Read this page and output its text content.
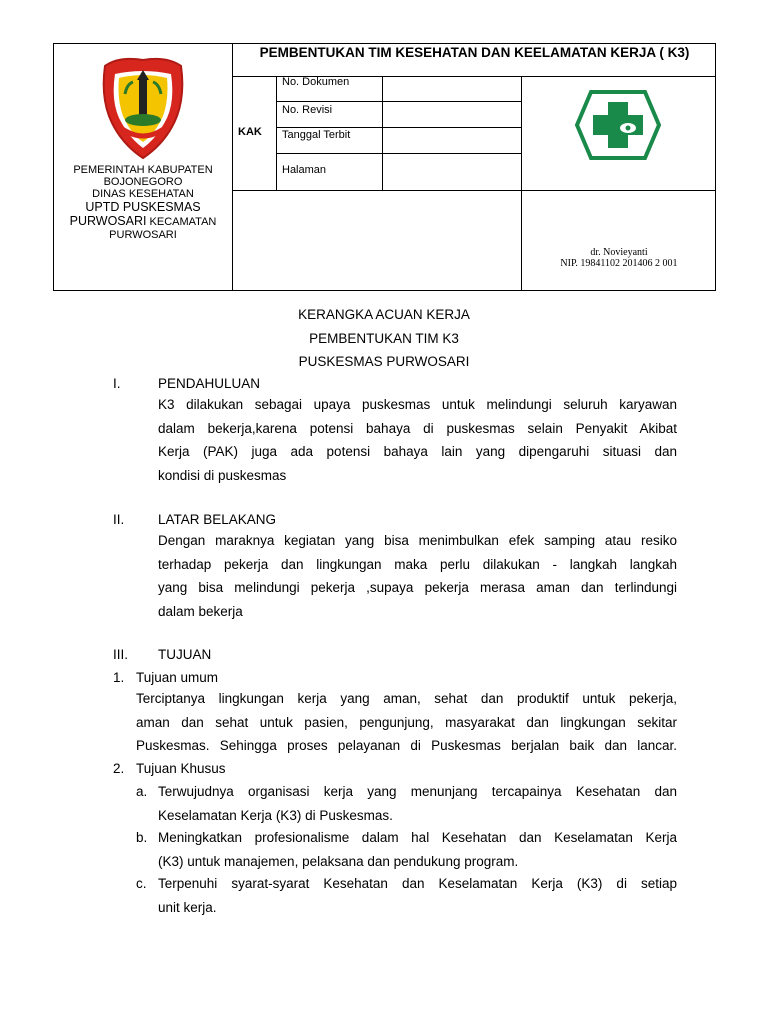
PEMERINTAH KABUPATEN
BOJONEGORO
DINAS KESEHATAN
UPTD PUSKESMAS
PURWOSARI KECAMATAN
PURWOSARI
PEMBENTUKAN TIM KESEHATAN DAN KEELAMATAN KERJA ( K3)
KAK
No. Dokumen
No. Revisi
Tanggal Terbit
Halaman
dr. Novieyanti
NIP. 19841102 201406 2 001
KERANGKA ACUAN KERJA
PEMBENTUKAN TIM K3
PUSKESMAS PURWOSARI
I.	PENDAHULUAN
K3 dilakukan sebagai upaya puskesmas untuk melindungi seluruh karyawan
dalam bekerja,karena potensi bahaya di puskesmas selain Penyakit Akibat
Kerja (PAK) juga ada potensi bahaya lain yang dipengaruhi situasi dan
kondisi di puskesmas
II. LATAR BELAKANG
Dengan maraknya kegiatan yang bisa menimbulkan efek samping atau resiko
terhadap pekerja dan lingkungan maka perlu dilakukan - langkah langkah
yang bisa melindungi pekerja ,supaya pekerja merasa aman dan terlindungi
dalam bekerja
III. TUJUAN
1. Tujuan umum
Terciptanya lingkungan kerja yang aman, sehat dan produktif untuk pekerja,
aman dan sehat untuk pasien, pengunjung, masyarakat dan lingkungan sekitar
Puskesmas. Sehingga proses pelayanan di Puskesmas berjalan baik dan lancar.
2. Tujuan Khusus
a. Terwujudnya organisasi kerja yang menunjang tercapainya Kesehatan dan
Keselamatan Kerja (K3) di Puskesmas.
b. Meningkatkan profesionalisme dalam hal Kesehatan dan Keselamatan Kerja
(K3) untuk manajemen, pelaksana dan pendukung program.
c. Terpenuhi syarat-syarat Kesehatan dan Keselamatan Kerja (K3) di setiap
unit kerja.
